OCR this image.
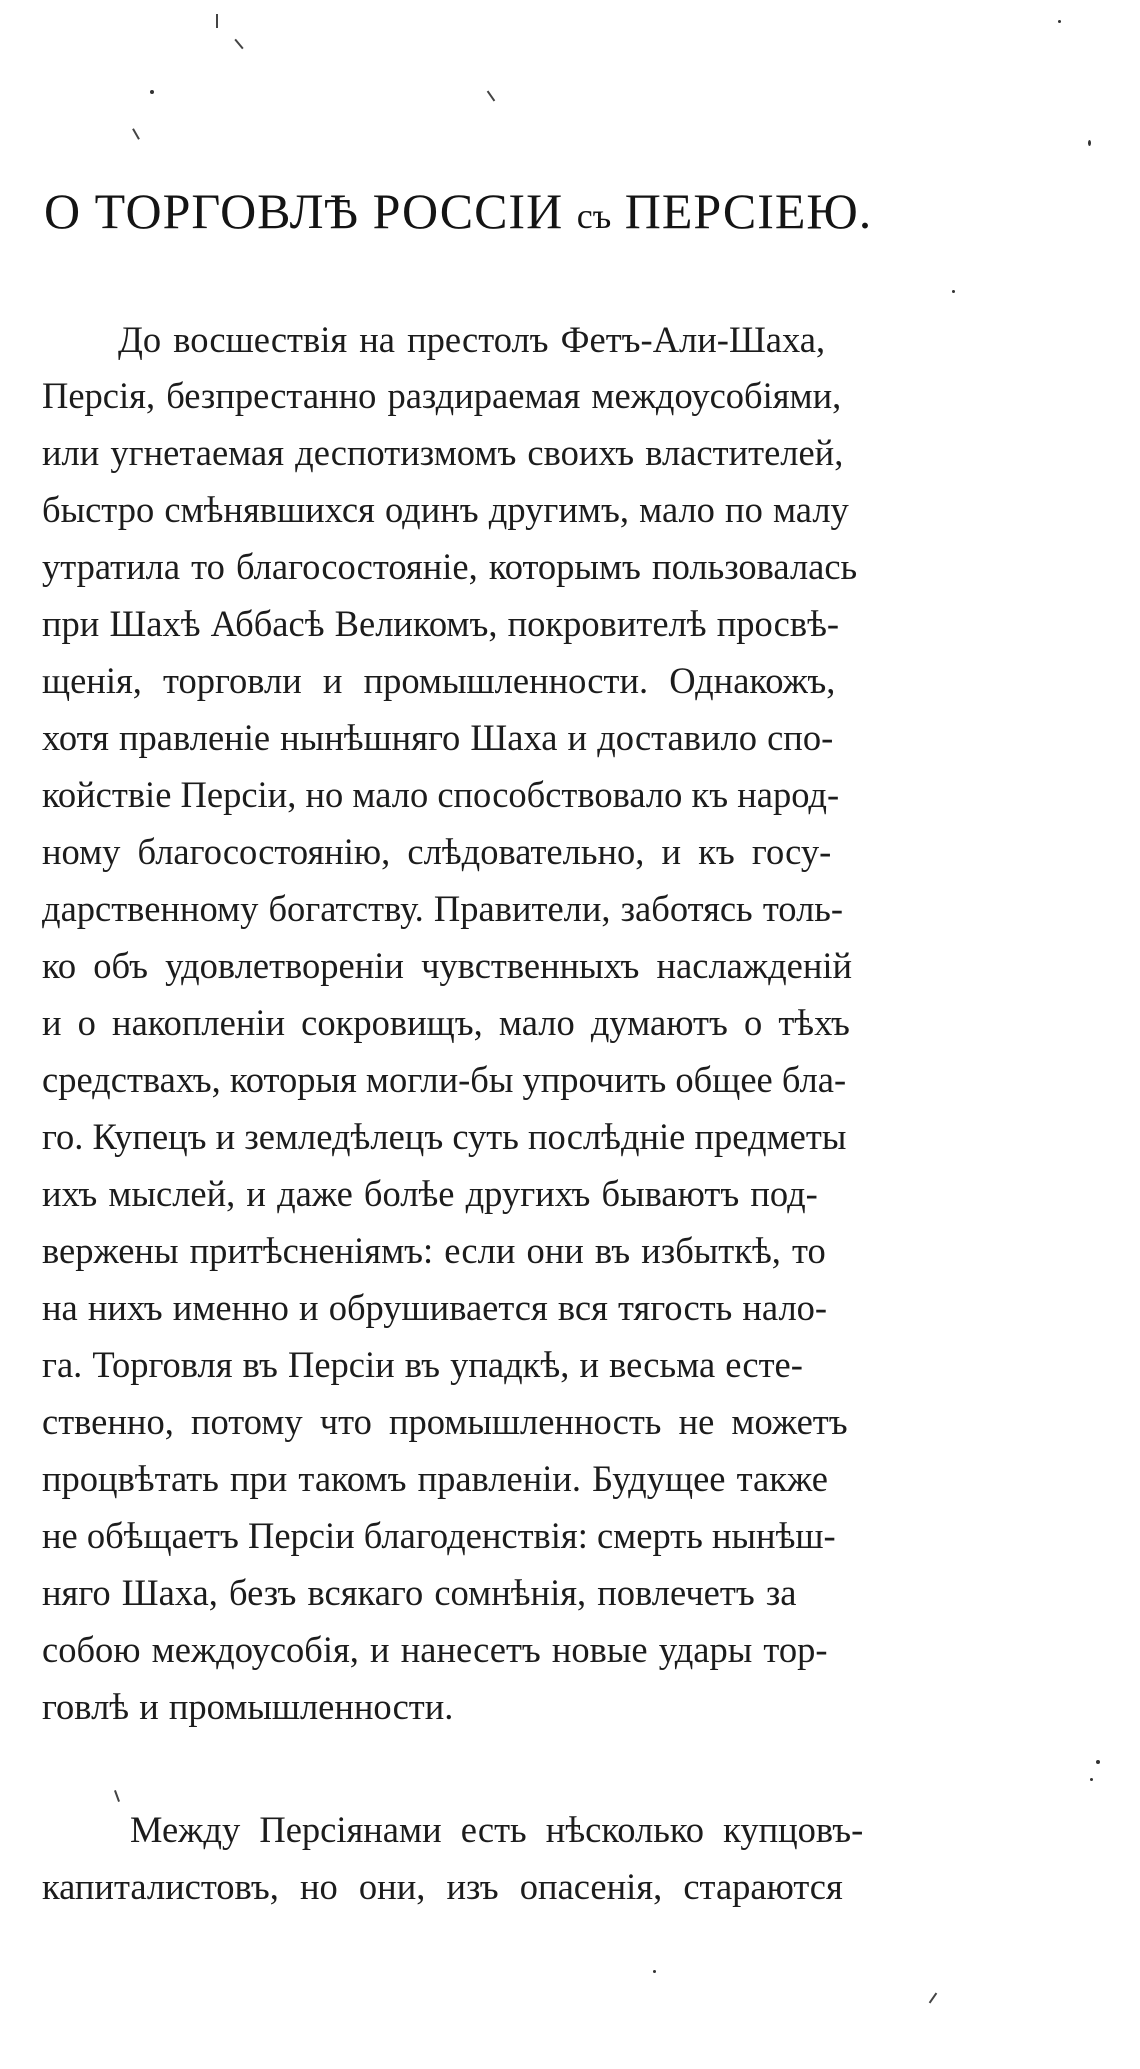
О ТОРГОВЛѢ РОССІИ съ ПЕРСІЕЮ.
До восшествія на престолъ Фетъ-Али-Шаха,
Персія, безпрестанно раздираемая междоусобіями,
или угнетаемая деспотизмомъ своихъ властителей,
быстро смѣнявшихся одинъ другимъ, мало по малу
утратила то благосостояніе, которымъ пользовалась
при Шахѣ Аббасѣ Великомъ, покровителѣ просвѣ-
щенія, торговли и промышленности. Однакожъ,
хотя правленіе нынѣшняго Шаха и доставило спо-
койствіе Персіи, но мало способствовало къ народ-
ному благосостоянію, слѣдовательно, и къ госу-
дарственному богатству. Правители, заботясь толь-
ко объ удовлетвореніи чувственныхъ наслажденій
и о накопленіи сокровищъ, мало думаютъ о тѣхъ
средствахъ, которыя могли-бы упрочить общее бла-
го. Купецъ и земледѣлецъ суть послѣдніе предметы
ихъ мыслей, и даже болѣе другихъ бываютъ под-
вержены притѣсненіямъ: если они въ избыткѣ, то
на нихъ именно и обрушивается вся тягость нало-
га. Торговля въ Персіи въ упадкѣ, и весьма есте-
ственно, потому что промышленность не можетъ
процвѣтать при такомъ правленіи. Будущее также
не обѣщаетъ Персіи благоденствія: смерть нынѣш-
няго Шаха, безъ всякаго сомнѣнія, повлечетъ за
собою междоусобія, и нанесетъ новые удары тор-
говлѣ и промышленности.
Между Персіянами есть нѣсколько купцовъ-
капиталистовъ, но они, изъ опасенія, стараются
